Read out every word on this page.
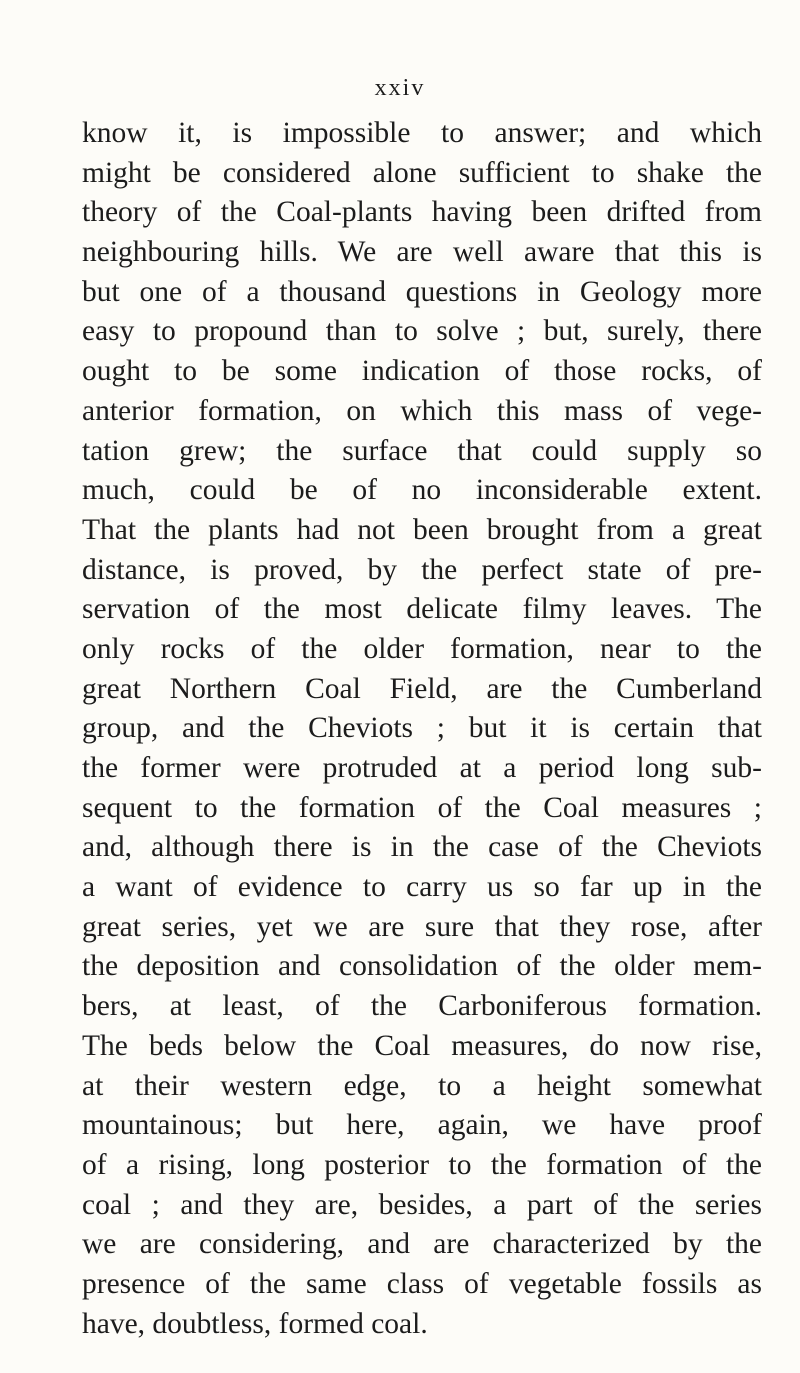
xxiv
know it, is impossible to answer; and which
might be considered alone sufficient to shake the
theory of the Coal-plants having been drifted from
neighbouring hills. We are well aware that this is
but one of a thousand questions in Geology more
easy to propound than to solve ; but, surely, there
ought to be some indication of those rocks, of
anterior formation, on which this mass of vege-
tation grew; the surface that could supply so
much, could be of no inconsiderable extent.
That the plants had not been brought from a great
distance, is proved, by the perfect state of pre-
servation of the most delicate filmy leaves. The
only rocks of the older formation, near to the
great Northern Coal Field, are the Cumberland
group, and the Cheviots ; but it is certain that
the former were protruded at a period long sub-
sequent to the formation of the Coal measures ;
and, although there is in the case of the Cheviots
a want of evidence to carry us so far up in the
great series, yet we are sure that they rose, after
the deposition and consolidation of the older mem-
bers, at least, of the Carboniferous formation.
The beds below the Coal measures, do now rise,
at their western edge, to a height somewhat
mountainous; but here, again, we have proof
of a rising, long posterior to the formation of the
coal ; and they are, besides, a part of the series
we are considering, and are characterized by the
presence of the same class of vegetable fossils as
have, doubtless, formed coal.
